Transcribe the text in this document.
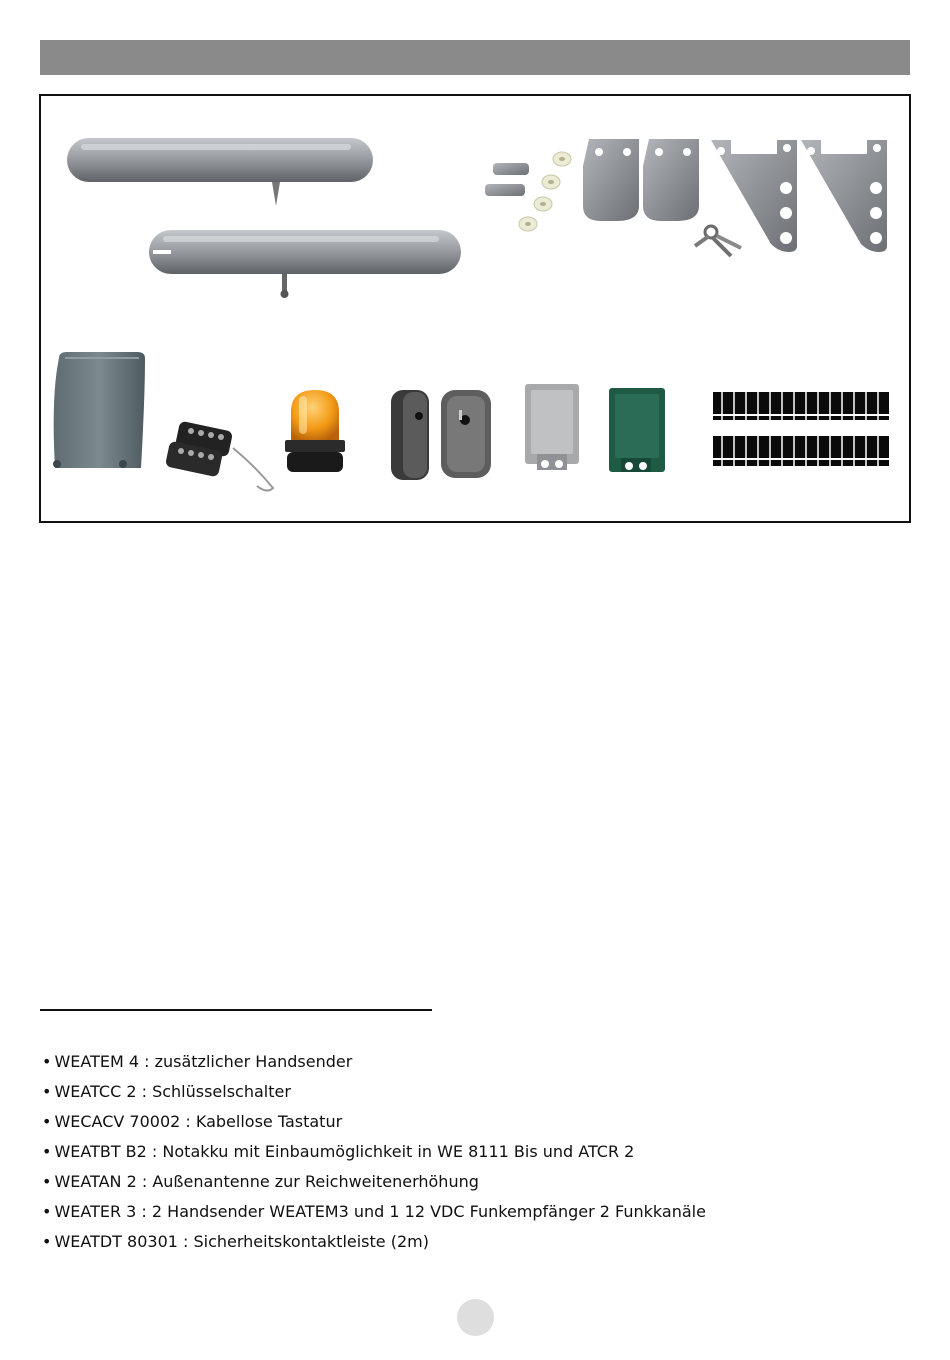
• WEATEM 4 : zusätzlicher Handsender
• WEATCC 2 : Schlüsselschalter
• WECACV 70002 : Kabellose Tastatur
• WEATBT B2 : Notakku mit Einbaumöglichkeit in WE 8111 Bis und ATCR 2
• WEATAN 2 : Außenantenne zur Reichweitenerhöhung
• WEATER 3 : 2 Handsender WEATEM3 und 1 12 VDC Funkempfänger 2 Funkkanäle
• WEATDT 80301 : Sicherheitskontaktleiste (2m)
